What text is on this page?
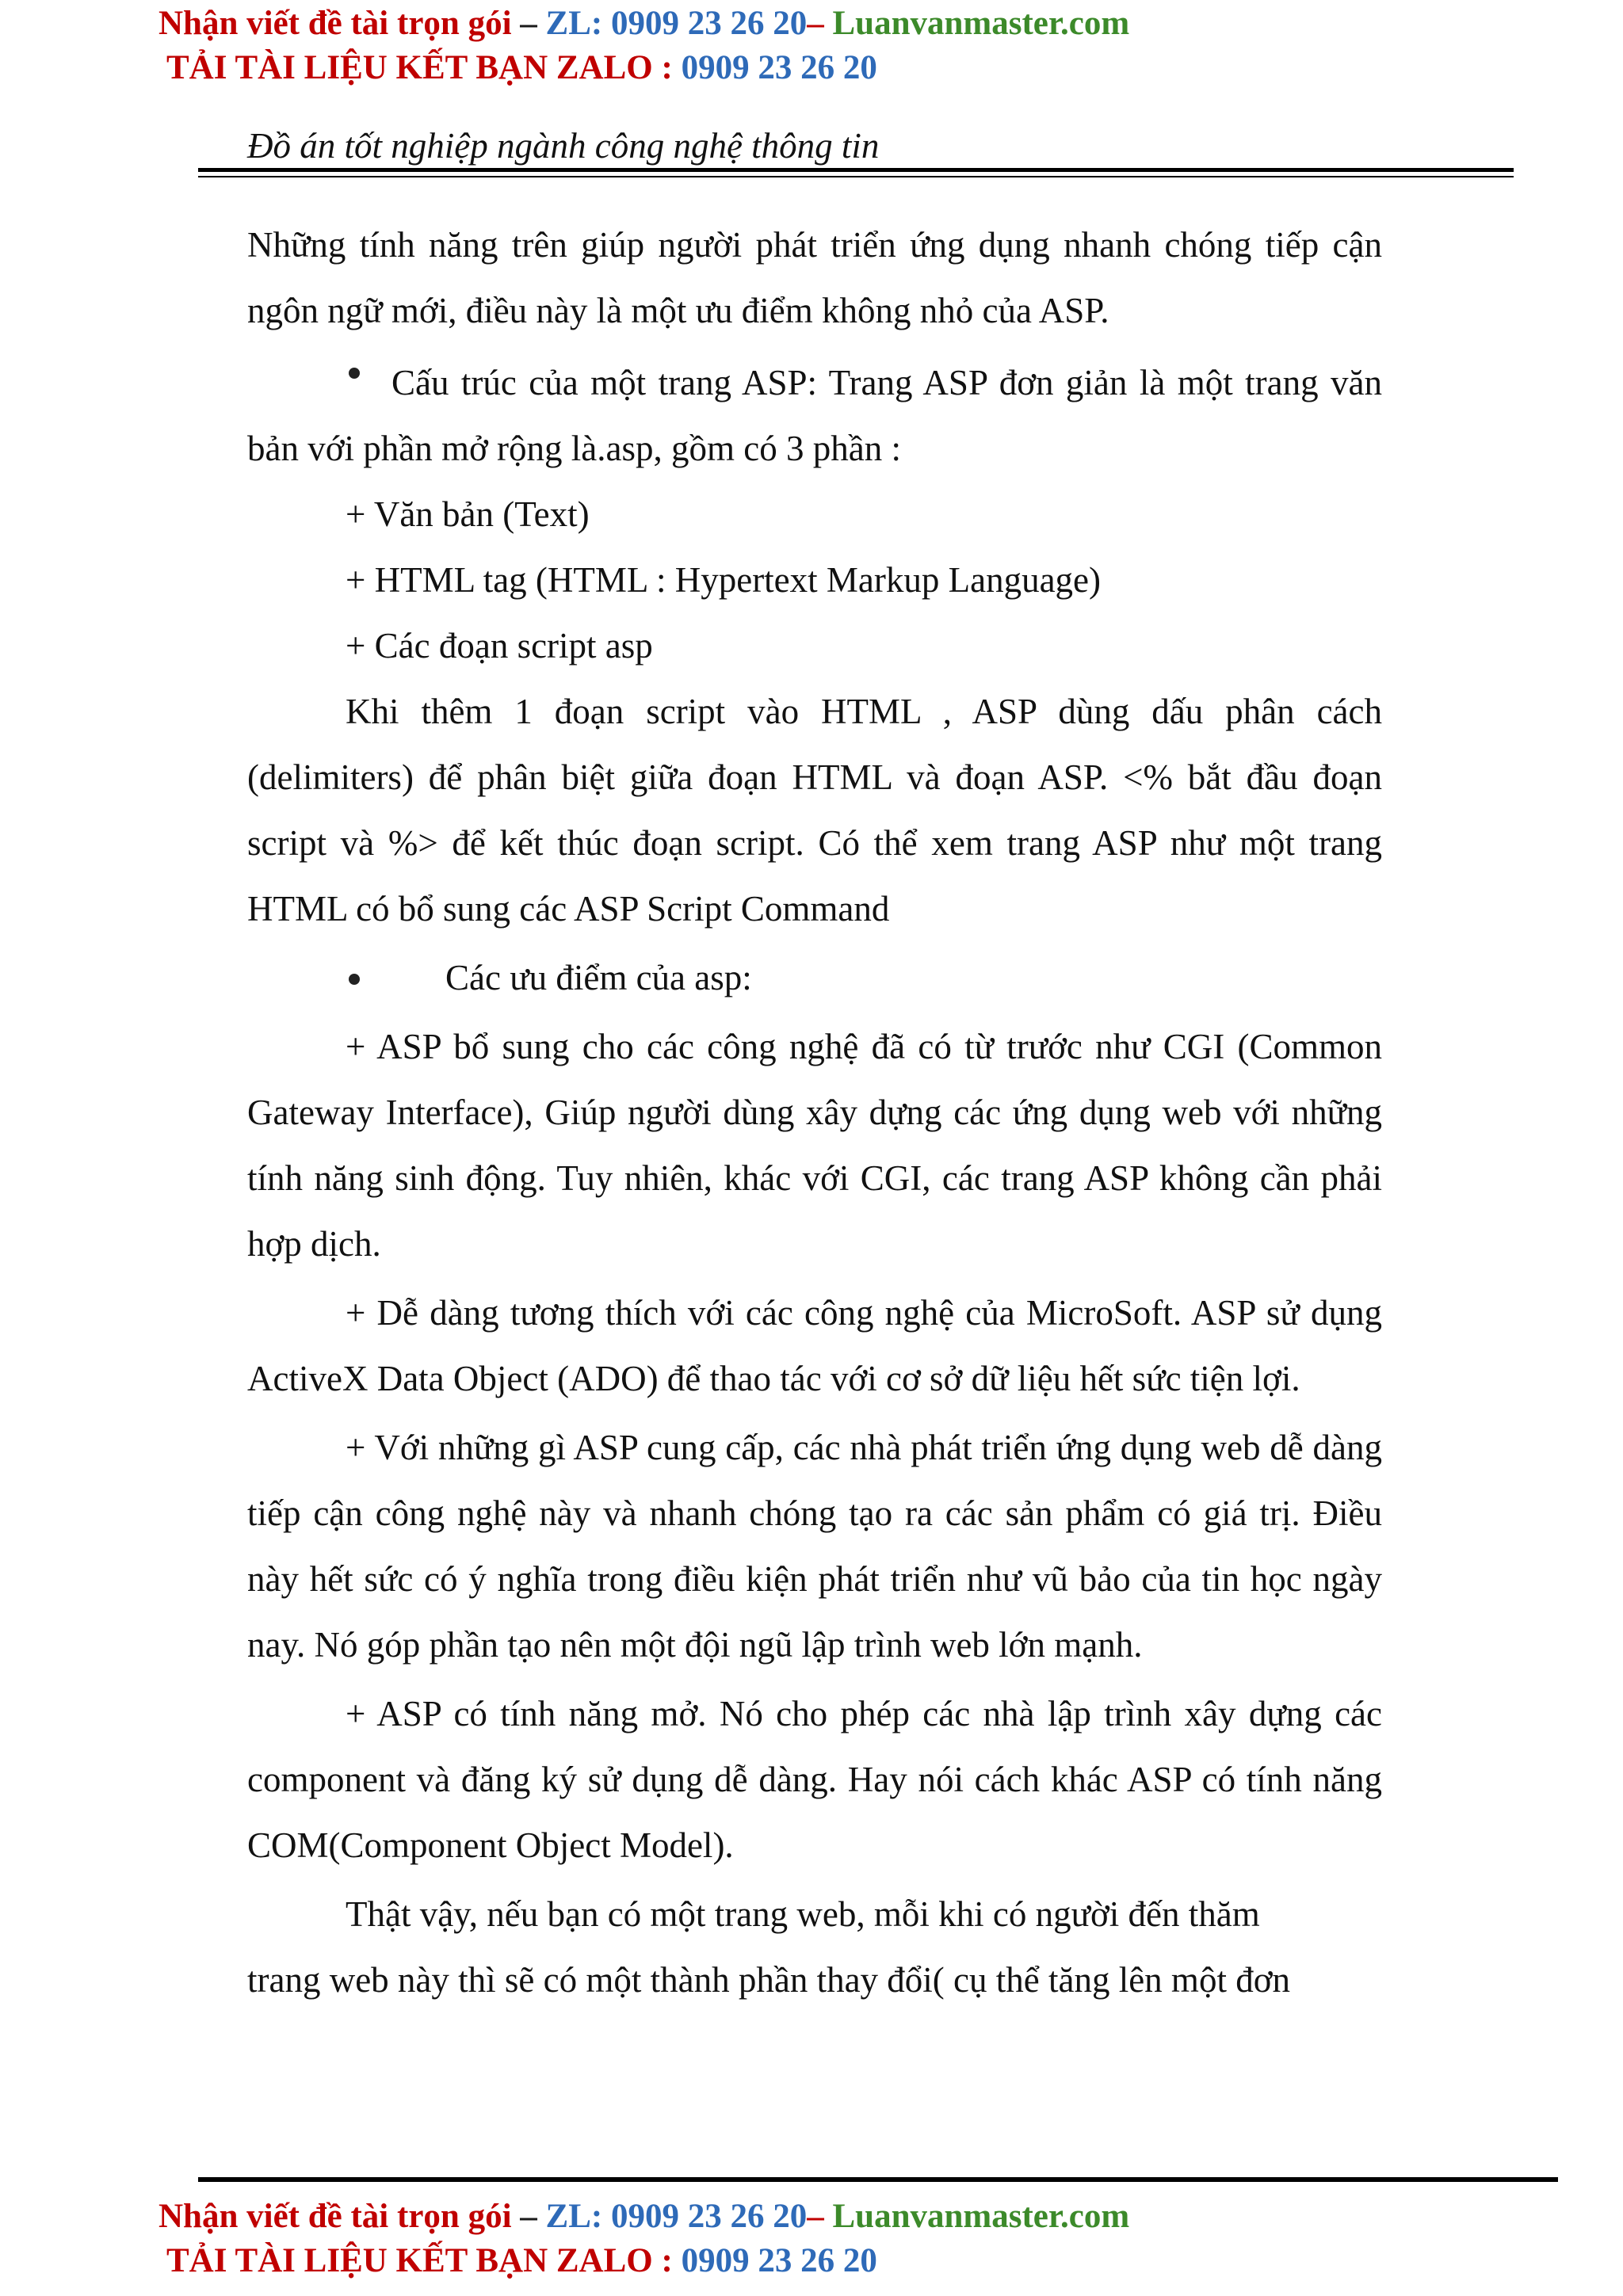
Nhận viết đề tài trọn gói – ZL: 0909 23 26 20– Luanvanmaster.com
TẢI TÀI LIỆU KẾT BẠN ZALO : 0909 23 26 20
Đồ án tốt nghiệp ngành công nghệ thông tin

Những tính năng trên giúp người phát triển ứng dụng nhanh chóng tiếp cận ngôn ngữ mới, điều này là một ưu điểm không nhỏ của ASP.

Cấu trúc của một trang ASP: Trang ASP đơn giản là một trang văn bản với phần mở rộng là.asp, gồm có 3 phần :

+ Văn bản (Text)

+ HTML tag (HTML : Hypertext Markup Language)

+ Các đoạn script asp

Khi thêm 1 đoạn script vào HTML , ASP dùng dấu phân cách (delimiters) để phân biệt giữa đoạn HTML và đoạn ASP. <% bắt đầu đoạn script và %> để kết thúc đoạn script. Có thể xem trang ASP như một trang HTML có bổ sung các ASP Script Command

Các ưu điểm của asp:

+ ASP bổ sung cho các công nghệ đã có từ trước như CGI (Common Gateway Interface), Giúp người dùng xây dựng các ứng dụng web với những tính năng sinh động. Tuy nhiên, khác với CGI, các trang ASP không cần phải hợp dịch.

+ Dễ dàng tương thích với các công nghệ của MicroSoft. ASP sử dụng ActiveX Data Object (ADO) để thao tác với cơ sở dữ liệu hết sức tiện lợi.

+ Với những gì ASP cung cấp, các nhà phát triển ứng dụng web dễ dàng tiếp cận công nghệ này và nhanh chóng tạo ra các sản phẩm có giá trị. Điều này hết sức có ý nghĩa trong điều kiện phát triển như vũ bảo của tin học ngày nay. Nó góp phần tạo nên một đội ngũ lập trình web lớn mạnh.

+ ASP có tính năng mở. Nó cho phép các nhà lập trình xây dựng các component và đăng ký sử dụng dễ dàng. Hay nói cách khác ASP có tính năng COM(Component Object Model).

Thật vậy, nếu bạn có một trang web, mỗi khi có người đến thăm trang web này thì sẽ có một thành phần thay đổi( cụ thể tăng lên một đơn

Nhận viết đề tài trọn gói – ZL: 0909 23 26 20– Luanvanmaster.com
TẢI TÀI LIỆU KẾT BẠN ZALO : 0909 23 26 20
